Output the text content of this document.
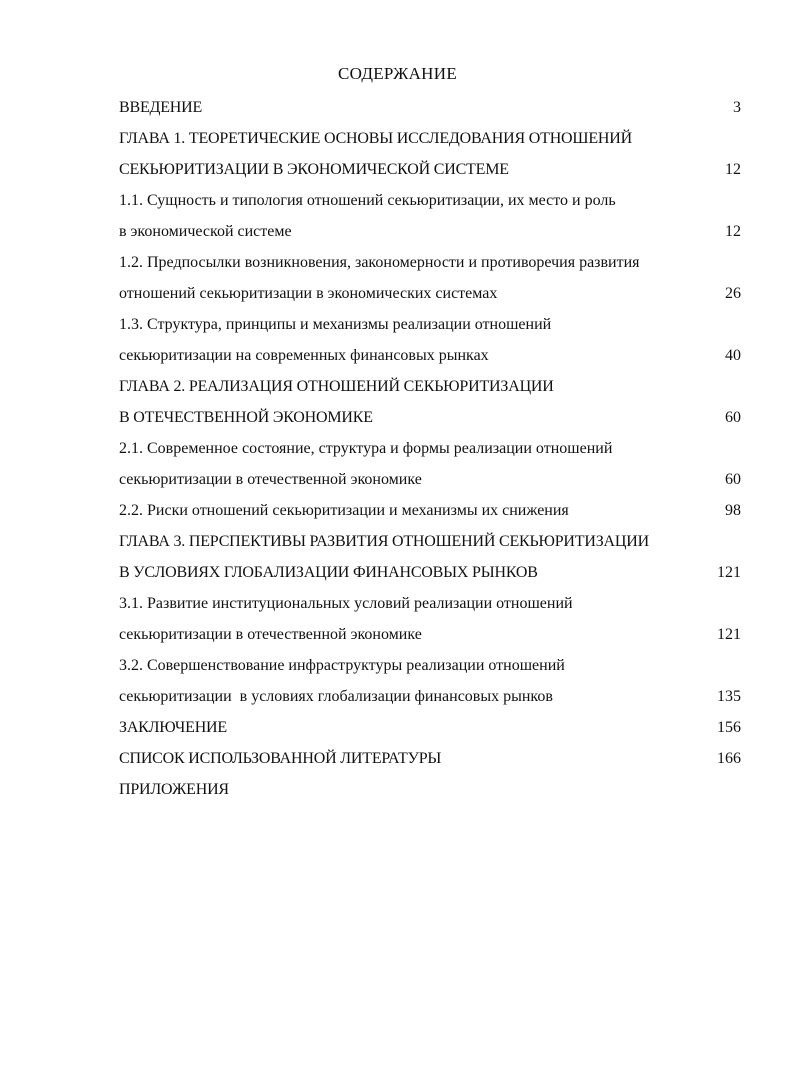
СОДЕРЖАНИЕ
ВВЕДЕНИЕ	3
ГЛАВА 1. ТЕОРЕТИЧЕСКИЕ ОСНОВЫ ИССЛЕДОВАНИЯ ОТНОШЕНИЙ
СЕКЬЮРИТИЗАЦИИ В ЭКОНОМИЧЕСКОЙ СИСТЕМЕ	12
1.1. Сущность и типология отношений секьюритизации, их место и роль
в экономической системе	12
1.2. Предпосылки возникновения, закономерности и противоречия развития
отношений секьюритизации в экономических системах	26
1.3. Структура, принципы и механизмы реализации отношений
секьюритизации на современных финансовых рынках	40
ГЛАВА 2. РЕАЛИЗАЦИЯ ОТНОШЕНИЙ СЕКЬЮРИТИЗАЦИИ
В ОТЕЧЕСТВЕННОЙ ЭКОНОМИКЕ	60
2.1. Современное состояние, структура и формы реализации отношений
секьюритизации в отечественной экономике	60
2.2. Риски отношений секьюритизации и механизмы их снижения	98
ГЛАВА 3. ПЕРСПЕКТИВЫ РАЗВИТИЯ ОТНОШЕНИЙ СЕКЬЮРИТИЗАЦИИ
В УСЛОВИЯХ ГЛОБАЛИЗАЦИИ ФИНАНСОВЫХ РЫНКОВ	121
3.1. Развитие институциональных условий реализации отношений
секьюритизации в отечественной экономике	121
3.2. Совершенствование инфраструктуры реализации отношений
секьюритизации  в условиях глобализации финансовых рынков	135
ЗАКЛЮЧЕНИЕ	156
СПИСОК ИСПОЛЬЗОВАННОЙ ЛИТЕРАТУРЫ	166
ПРИЛОЖЕНИЯ
